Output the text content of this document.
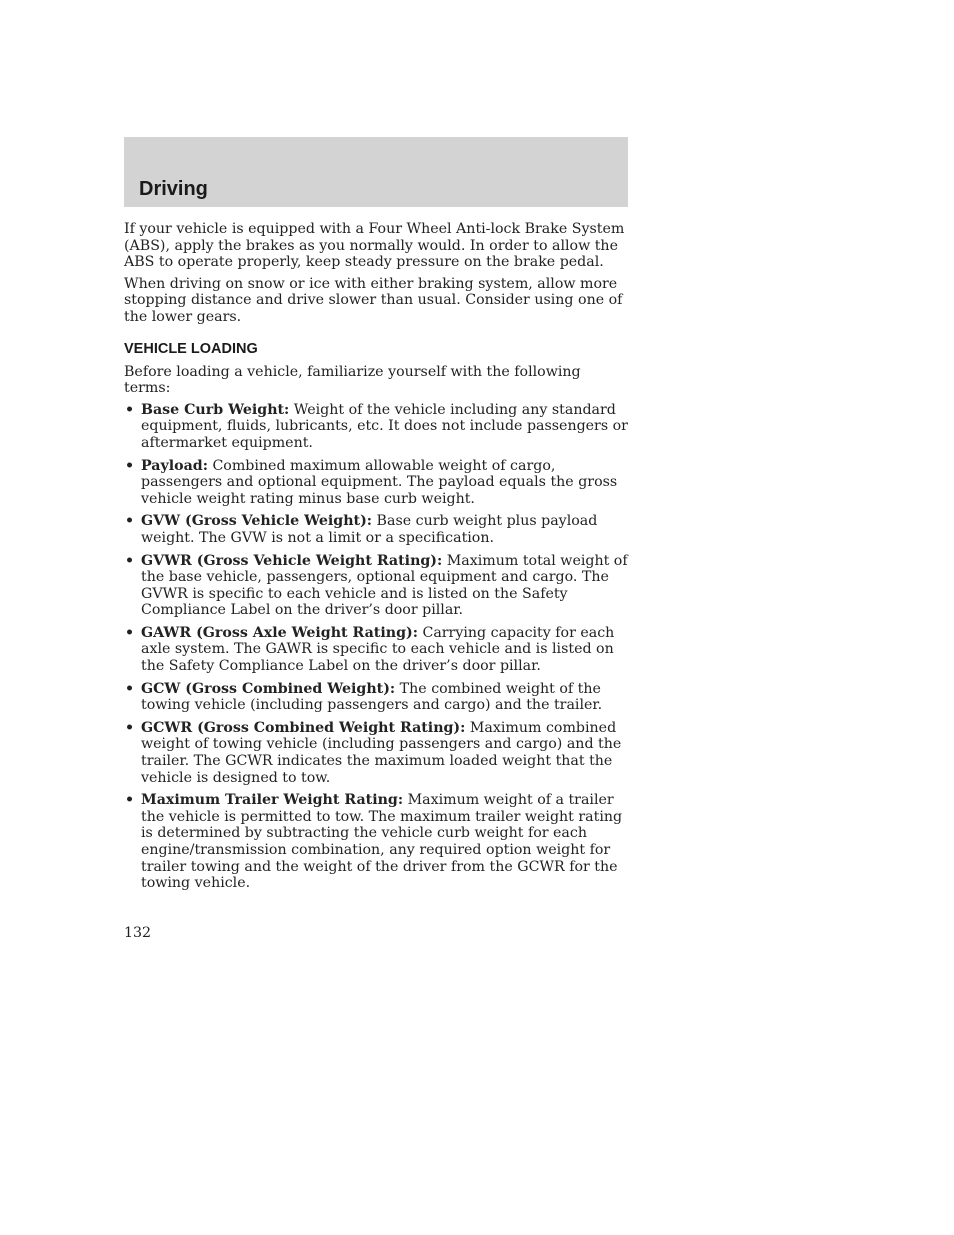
Driving

If your vehicle is equipped with a Four Wheel Anti-lock Brake System (ABS), apply the brakes as you normally would. In order to allow the ABS to operate properly, keep steady pressure on the brake pedal.

When driving on snow or ice with either braking system, allow more stopping distance and drive slower than usual. Consider using one of the lower gears.

VEHICLE LOADING

Before loading a vehicle, familiarize yourself with the following terms:

• Base Curb Weight: Weight of the vehicle including any standard equipment, fluids, lubricants, etc. It does not include passengers or aftermarket equipment.
• Payload: Combined maximum allowable weight of cargo, passengers and optional equipment. The payload equals the gross vehicle weight rating minus base curb weight.
• GVW (Gross Vehicle Weight): Base curb weight plus payload weight. The GVW is not a limit or a specification.
• GVWR (Gross Vehicle Weight Rating): Maximum total weight of the base vehicle, passengers, optional equipment and cargo. The GVWR is specific to each vehicle and is listed on the Safety Compliance Label on the driver’s door pillar.
• GAWR (Gross Axle Weight Rating): Carrying capacity for each axle system. The GAWR is specific to each vehicle and is listed on the Safety Compliance Label on the driver’s door pillar.
• GCW (Gross Combined Weight): The combined weight of the towing vehicle (including passengers and cargo) and the trailer.
• GCWR (Gross Combined Weight Rating): Maximum combined weight of towing vehicle (including passengers and cargo) and the trailer. The GCWR indicates the maximum loaded weight that the vehicle is designed to tow.
• Maximum Trailer Weight Rating: Maximum weight of a trailer the vehicle is permitted to tow. The maximum trailer weight rating is determined by subtracting the vehicle curb weight for each engine/transmission combination, any required option weight for trailer towing and the weight of the driver from the GCWR for the towing vehicle.
132
